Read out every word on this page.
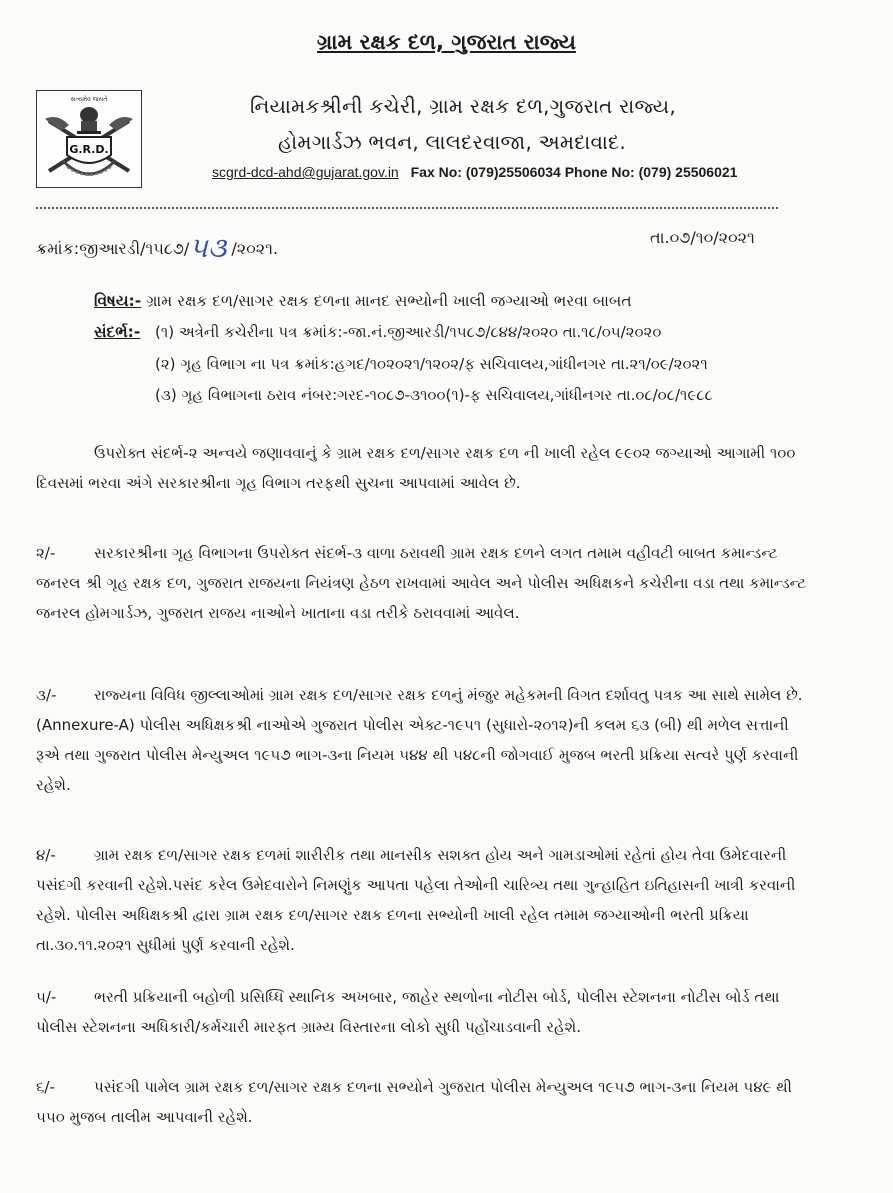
ગ્રામ રક્ષક દળ, ગુજરાત રાજ્ય
સત્યમેવ જયતે
G.R.D.
નિયામકશ્રીની કચેરી, ગ્રામ રક્ષક દળ,ગુજરાત રાજ્ય,
હોમગાર્ડઝ ભવન, લાલદરવાજા, અમદાવાદ.
scgrd-dcd-ahd@gujarat.gov.in Fax No: (079)25506034 Phone No: (079) 25506021
ક્રમાંક:જીઆરડી/૧૫૮૭/૫૩ /૨૦૨૧.
તા.૦૭/૧૦/૨૦૨૧
વિષય:- ગ્રામ રક્ષક દળ/સાગર રક્ષક દળના માનદ સભ્યોની ખાલી જગ્યાઓ ભરવા બાબત
સંદર્ભ:- (૧) અત્રેની કચેરીના પત્ર ક્રમાંક:-જા.નં.જીઆરડી/૧૫૮૭/૮૪૪/૨૦૨૦ તા.૧૮/૦૫/૨૦૨૦
(૨) ગૃહ વિભાગ ના પત્ર ક્રમાંક:હગદ/૧૦૨૦૨૧/૧૨૦૨/ફ સચિવાલય,ગાંધીનગર તા.૨૧/૦૯/૨૦૨૧
(૩) ગૃહ વિભાગના ઠરાવ નંબર:ગરદ-૧૦૮૭-૩૧૦૦(૧)-ફ સચિવાલય,ગાંધીનગર તા.૦૮/૦૮/૧૯૮૮
ઉપરોક્ત સંદર્ભ-૨ અન્વયે જણાવવાનું કે ગ્રામ રક્ષક દળ/સાગર રક્ષક દળ ની ખાલી રહેલ ૯૯૦૨ જગ્યાઓ આગામી ૧૦૦ દિવસમાં ભરવા અંગે સરકારશ્રીના ગૃહ વિભાગ તરફથી સુચના આપવામાં આવેલ છે.
૨/-	સરકારશ્રીના ગૃહ વિભાગના ઉપરોક્ત સંદર્ભ-૩ વાળા ઠરાવથી ગ્રામ રક્ષક દળને લગત તમામ વહીવટી બાબત કમાન્ડન્ટ જનરલ શ્રી ગૃહ રક્ષક દળ, ગુજરાત રાજયના નિયંત્રણ હેઠળ રાખવામાં આવેલ અને પોલીસ અધિક્ષકને કચેરીના વડા તથા કમાન્ડન્ટ જનરલ હોમગાર્ડઝ, ગુજરાત રાજય નાઓને ખાતાના વડા તરીકે ઠરાવવામાં આવેલ.
૩/-	રાજ્યના વિવિધ જીલ્લાઓમાં ગ્રામ રક્ષક દળ/સાગર રક્ષક દળનું મંજુર મહેકમની વિગત દર્શાવતુ પત્રક આ સાથે સામેલ છે. (Annexure-A) પોલીસ અધિક્ષકશ્રી નાઓએ ગુજરાત પોલીસ એક્ટ-૧૯૫૧ (સુધારો-૨૦૧૨)ની કલમ ૬૩ (બી) થી મળેલ સત્તાની રૂએ તથા ગુજરાત પોલીસ મેન્યુઅલ ૧૯૫૭ ભાગ-૩ના નિયમ ૫૪૪ થી ૫૪૮ની જોગવાઈ મુજબ ભરતી પ્રક્રિયા સત્વરે પુર્ણ કરવાની રહેશે.
૪/-	ગ્રામ રક્ષક દળ/સાગર રક્ષક દળમાં શારીરીક તથા માનસીક સશક્ત હોય અને ગામડાઓમાં રહેતાં હોય તેવા ઉમેદવારની પસંદગી કરવાની રહેશે.પસંદ કરેલ ઉમેદવારોને નિમણુંક આપતા પહેલા તેઓની ચારિત્ર્ય તથા ગુન્હાહિત ઇતિહાસની ખાત્રી કરવાની રહેશે. પોલીસ અધિક્ષકશ્રી દ્વારા ગ્રામ રક્ષક દળ/સાગર રક્ષક દળના સભ્યોની ખાલી રહેલ તમામ જગ્યાઓની ભરતી પ્રક્રિયા તા.૩૦.૧૧.૨૦૨૧ સુધીમાં પુર્ણ કરવાની રહેશે.
૫/-	ભરતી પ્રક્રિયાની બહોળી પ્રસિધ્ધિ સ્થાનિક અખબાર, જાહેર સ્થળોના નોટીસ બોર્ડ, પોલીસ સ્ટેશનના નોટીસ બોર્ડ તથા પોલીસ સ્ટેશનના અધિકારી/કર્મચારી મારફત ગ્રામ્ય વિસ્તારના લોકો સુધી પહોંચાડવાની રહેશે.
૬/-	પસંદગી પામેલ ગ્રામ રક્ષક દળ/સાગર રક્ષક દળના સભ્યોને ગુજરાત પોલીસ મેન્યુઅલ ૧૯૫૭ ભાગ-૩ના નિયમ ૫૪૯ થી ૫૫૦ મુજબ તાલીમ આપવાની રહેશે.
